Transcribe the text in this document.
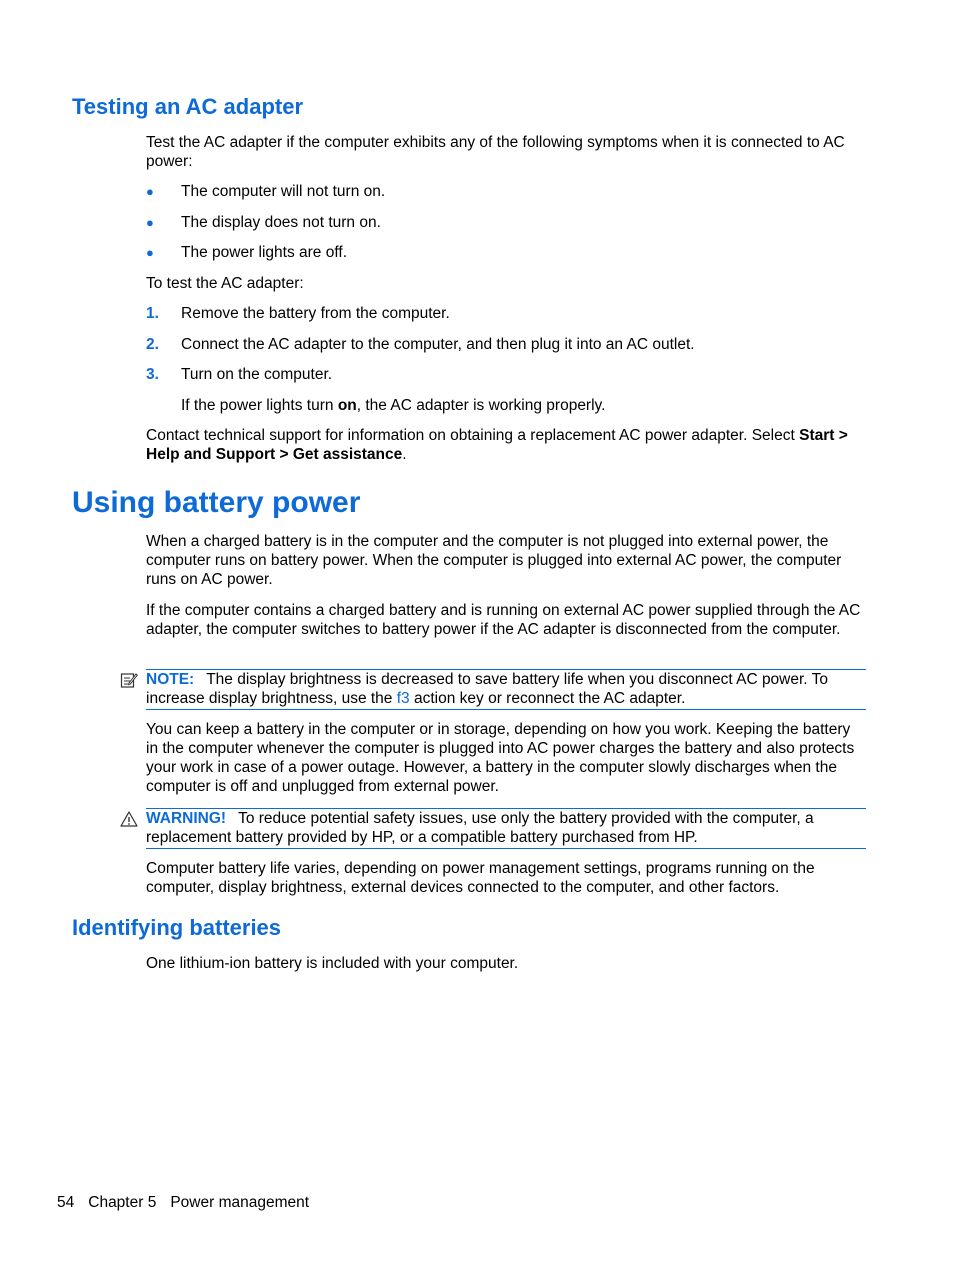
Testing an AC adapter

Test the AC adapter if the computer exhibits any of the following symptoms when it is connected to AC power:

●	The computer will not turn on.
●	The display does not turn on.
●	The power lights are off.

To test the AC adapter:

1.	Remove the battery from the computer.
2.	Connect the AC adapter to the computer, and then plug it into an AC outlet.
3.	Turn on the computer.

If the power lights turn on, the AC adapter is working properly.

Contact technical support for information on obtaining a replacement AC power adapter. Select Start > Help and Support > Get assistance.

Using battery power

When a charged battery is in the computer and the computer is not plugged into external power, the computer runs on battery power. When the computer is plugged into external AC power, the computer runs on AC power.

If the computer contains a charged battery and is running on external AC power supplied through the AC adapter, the computer switches to battery power if the AC adapter is disconnected from the computer.

NOTE: The display brightness is decreased to save battery life when you disconnect AC power. To increase display brightness, use the f3 action key or reconnect the AC adapter.

You can keep a battery in the computer or in storage, depending on how you work. Keeping the battery in the computer whenever the computer is plugged into AC power charges the battery and also protects your work in case of a power outage. However, a battery in the computer slowly discharges when the computer is off and unplugged from external power.

WARNING! To reduce potential safety issues, use only the battery provided with the computer, a replacement battery provided by HP, or a compatible battery purchased from HP.

Computer battery life varies, depending on power management settings, programs running on the computer, display brightness, external devices connected to the computer, and other factors.

Identifying batteries

One lithium-ion battery is included with your computer.

54 Chapter 5 Power management
